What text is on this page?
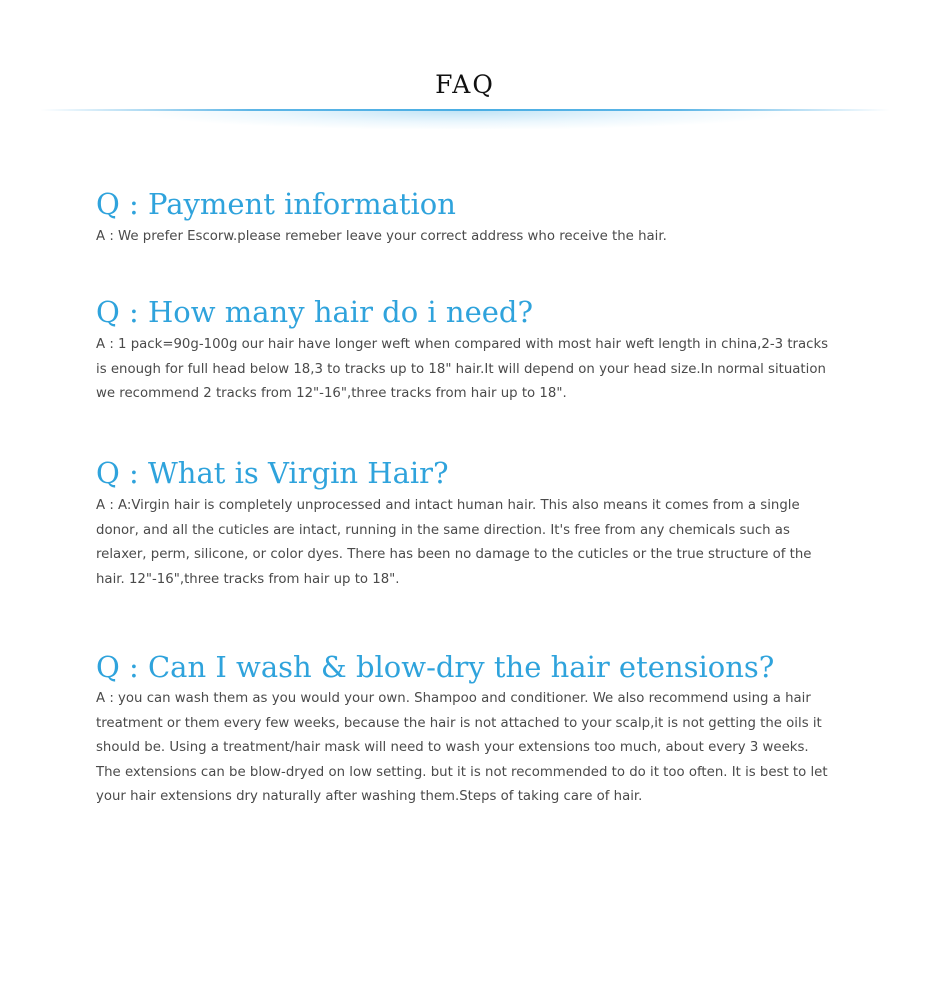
FAQ
Q : Payment information

A : We prefer Escorw.please remeber leave your correct address who receive the hair.

Q : How many hair do i need?

A : 1 pack=90g-100g our hair have longer weft when compared with most hair weft length in china,2-3 tracks is enough for full head below 18,3 to tracks up to 18" hair.It will depend on your head size.In normal situation we recommend 2 tracks from 12"-16",three tracks from hair up to 18".

Q : What is Virgin Hair?

A : A:Virgin hair is completely unprocessed and intact human hair. This also means it comes from a single donor, and all the cuticles are intact, running in the same direction. It's free from any chemicals such as relaxer, perm, silicone, or color dyes. There has been no damage to the cuticles or the true structure of the hair. 12"-16",three tracks from hair up to 18".

Q : Can I wash & blow-dry the hair etensions?

A : you can wash them as you would your own. Shampoo and conditioner. We also recommend using a hair treatment or them every few weeks, because the hair is not attached to your scalp,it is not getting the oils it should be. Using a treatment/hair mask will need to wash your extensions too much, about every 3 weeks. The extensions can be blow-dryed on low setting. but it is not recommended to do it too often. It is best to let your hair extensions dry naturally after washing them.Steps of taking care of hair.
